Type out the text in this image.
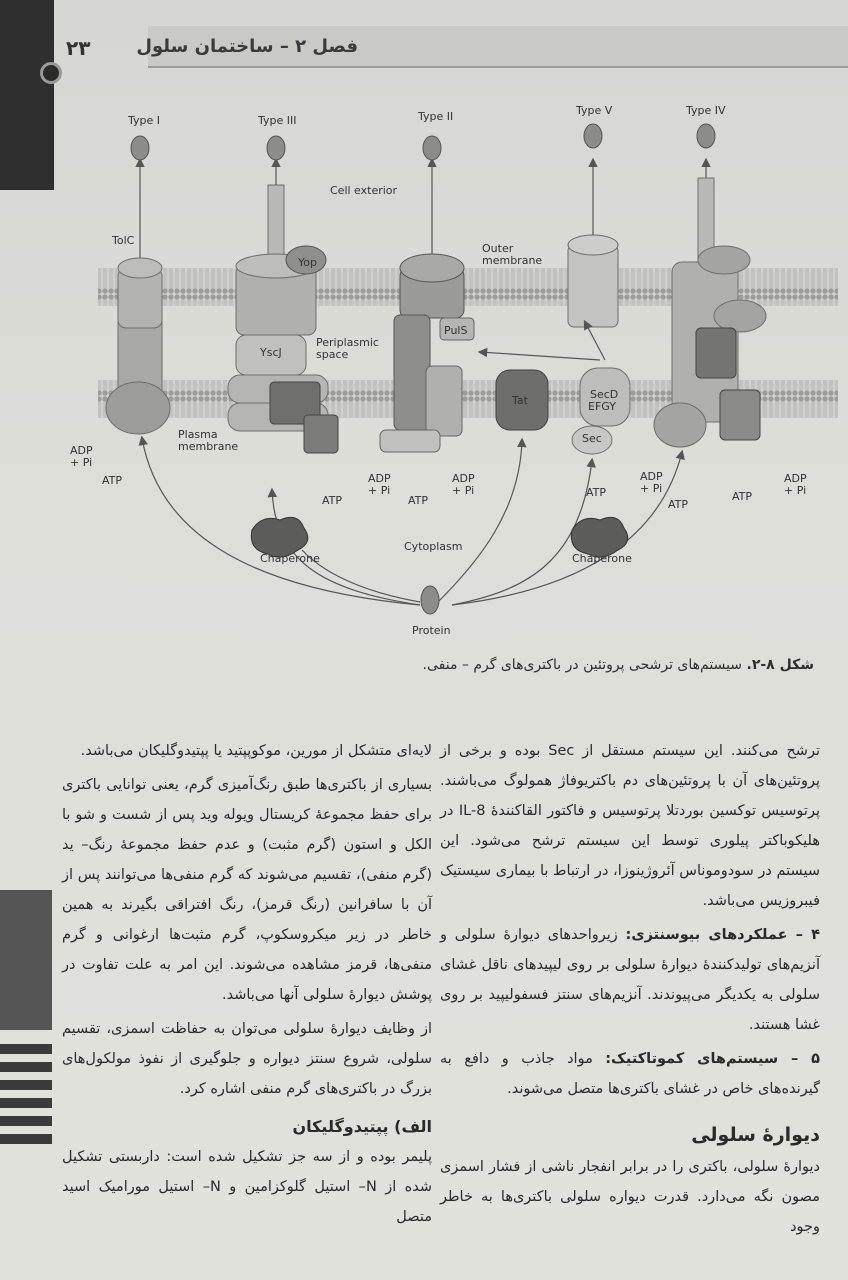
فصل ۲ – ساختمان سلول
۲۳
Type I	Type III	Type II	Type V	Type IV
Cell exterior
TolC
Yop
Outer
membrane
Periplasmic
space
YscJ
PulS
Tat	SecD
EFGY
Sec
Plasma
membrane
ADP
+ Pi
ATP	ADP
+ Pi
ATP
ADP
+ Pi
ATP
ADP
+ Pi
ATP
ADP
+ Pi
ATP
ATP
Chaperone	Chaperone
Cytoplasm
Protein
شکل ۸-۲. سیستم‌های ترشحی پروتئین در باکتری‌های گرم – منفی.

ترشح می‌کنند. این سیستم مستقل از Sec بوده و برخی از پروتئین‌های آن با پروتئین‌های دم باکتریوفاژ همولوگ می‌باشند. پرتوسیس توکسین بوردتلا پرتوسیس و فاکتور القاکنندهٔ IL-8 در هلیکوباکتر پیلوری توسط این سیستم ترشح می‌شود. این سیستم در سودوموناس آئروژینوزا، در ارتباط با بیماری سیستیک فیبروزیس می‌باشد.

۴ – عملکردهای بیوسنتزی: زیرواحدهای دیوارهٔ سلولی و آنزیم‌های تولیدکنندهٔ دیوارهٔ سلولی بر روی لیپیدهای ناقل غشای سلولی به یکدیگر می‌پیوندند. آنزیم‌های سنتز فسفولیپید بر روی غشا هستند.

۵ – سیستم‌های کموتاکتیک: مواد جاذب و دافع به گیرنده‌های خاص در غشای باکتری‌ها متصل می‌شوند.

دیوارهٔ سلولی

دیوارهٔ سلولی، باکتری را در برابر انفجار ناشی از فشار اسمزی مصون نگه می‌دارد. قدرت دیواره سلولی باکتری‌ها به خاطر وجود

لایه‌ای متشکل از مورین، موکوپپتید یا پپتیدوگلیکان می‌باشد.

بسیاری از باکتری‌ها طبق رنگ‌آمیزی گرم، یعنی توانایی باکتری برای حفظ مجموعهٔ کریستال ویوله وید پس از شست و شو با الکل و استون (گرم مثبت) و عدم حفظ مجموعهٔ رنگ– ید (گرم منفی)، تقسیم می‌شوند که گرم منفی‌ها می‌توانند پس از آن با سافرانین (رنگ قرمز)، رنگ افتراقی بگیرند به همین خاطر در زیر میکروسکوپ، گرم مثبت‌ها ارغوانی و گرم منفی‌ها، قرمز مشاهده می‌شوند. این امر به علت تفاوت در پوشش دیوارهٔ سلولی آنها می‌باشد.

از وظایف دیوارهٔ سلولی می‌توان به حفاظت اسمزی، تقسیم سلولی، شروع سنتز دیواره و جلوگیری از نفوذ مولکول‌های بزرگ در باکتری‌های گرم منفی اشاره کرد.

الف) پپتیدوگلیکان

پلیمر بوده و از سه جز تشکیل شده است: داربستی تشکیل شده از N– استیل گلوکزامین و N– استیل مورامیک اسید متصل
